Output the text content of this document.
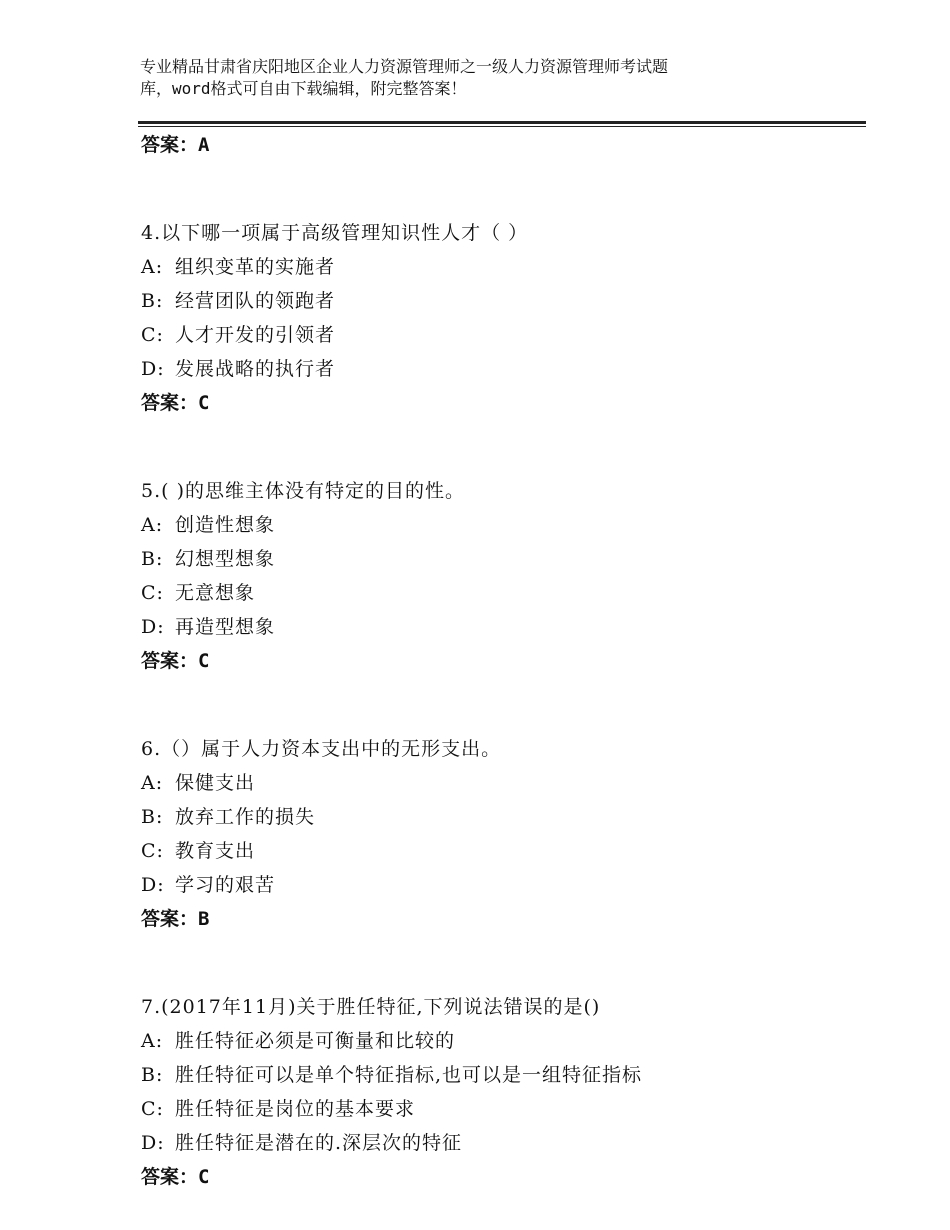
专业精品甘肃省庆阳地区企业人力资源管理师之一级人力资源管理师考试题
库，word格式可自由下载编辑，附完整答案！
答案：A
4.以下哪一项属于高级管理知识性人才（ ）
A: 组织变革的实施者
B: 经营团队的领跑者
C: 人才开发的引领者
D: 发展战略的执行者
答案：C
5.( )的思维主体没有特定的目的性。
A: 创造性想象
B: 幻想型想象
C: 无意想象
D: 再造型想象
答案：C
6.（）属于人力资本支出中的无形支出。
A: 保健支出
B: 放弃工作的损失
C: 教育支出
D: 学习的艰苦
答案：B
7.(2017年11月)关于胜任特征,下列说法错误的是()
A: 胜任特征必须是可衡量和比较的
B: 胜任特征可以是单个特征指标,也可以是一组特征指标
C: 胜任特征是岗位的基本要求
D: 胜任特征是潜在的.深层次的特征
答案：C
